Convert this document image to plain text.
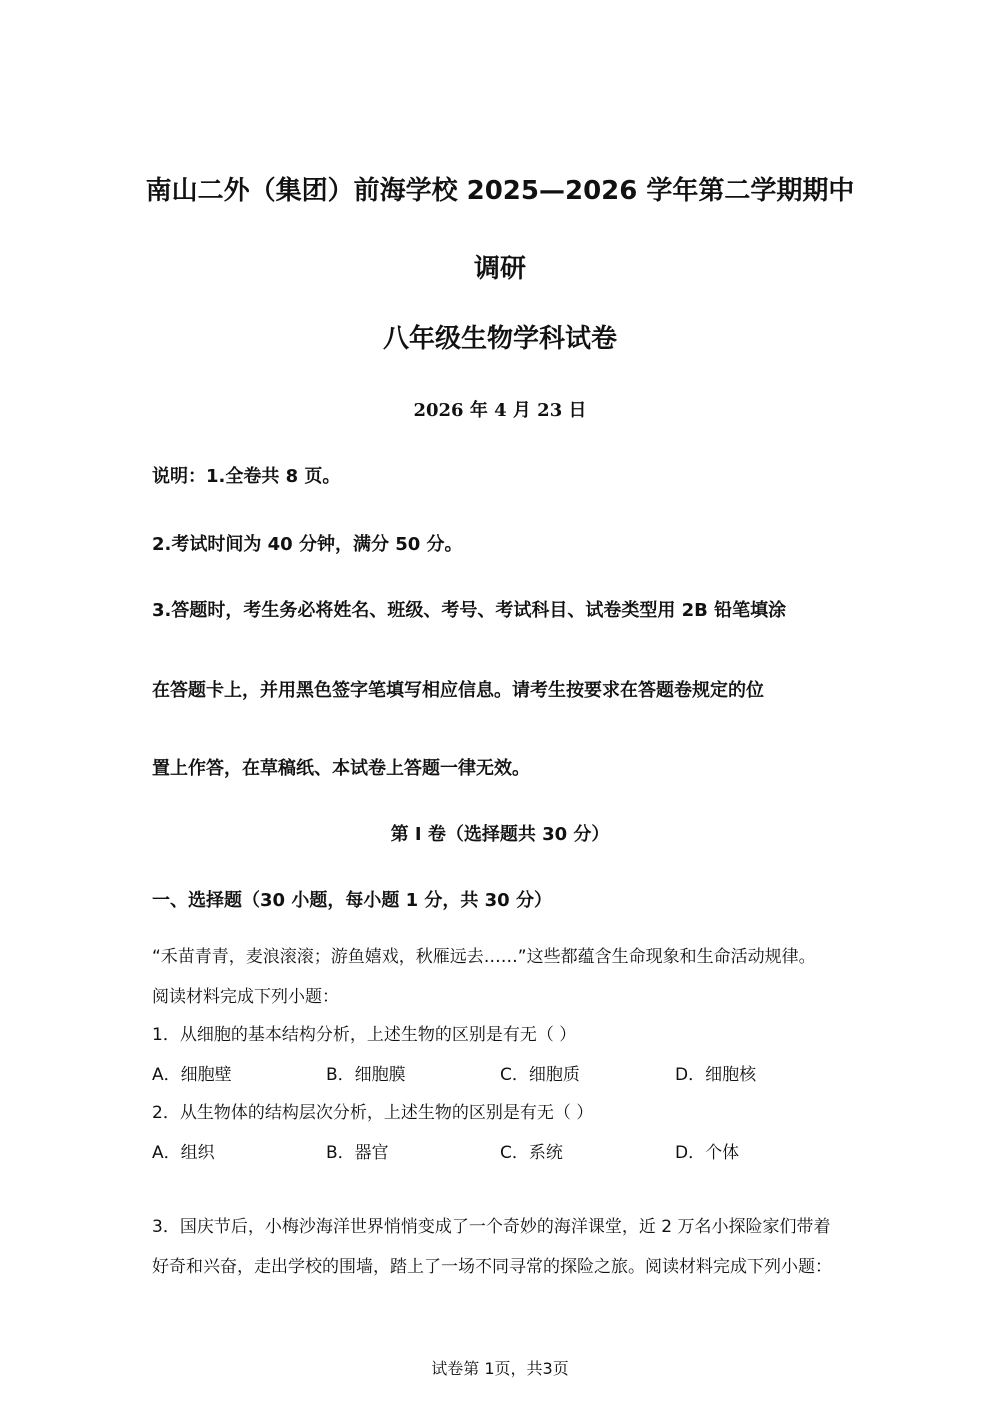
南山二外（集团）前海学校 2025—2026 学年第二学期期中
调研
八年级生物学科试卷
2026 年 4 月 23 日
说明：1.全卷共 8 页。
2.考试时间为 40 分钟，满分 50 分。
3.答题时，考生务必将姓名、班级、考号、考试科目、试卷类型用 2B 铅笔填涂
在答题卡上，并用黑色签字笔填写相应信息。请考生按要求在答题卷规定的位
置上作答，在草稿纸、本试卷上答题一律无效。
第 I 卷（选择题共 30 分）
一、选择题（30 小题，每小题 1 分，共 30 分）
“禾苗青青，麦浪滚滚；游鱼嬉戏，秋雁远去……”这些都蕴含生命现象和生命活动规律。
阅读材料完成下列小题：
1．从细胞的基本结构分析，上述生物的区别是有无（ ）
A．细胞壁	B．细胞膜	C．细胞质	D．细胞核
2．从生物体的结构层次分析，上述生物的区别是有无（ ）
A．组织	B．器官	C．系统	D．个体
3．国庆节后，小梅沙海洋世界悄悄变成了一个奇妙的海洋课堂，近 2 万名小探险家们带着
好奇和兴奋，走出学校的围墙，踏上了一场不同寻常的探险之旅。阅读材料完成下列小题：
试卷第 1页，共3页
